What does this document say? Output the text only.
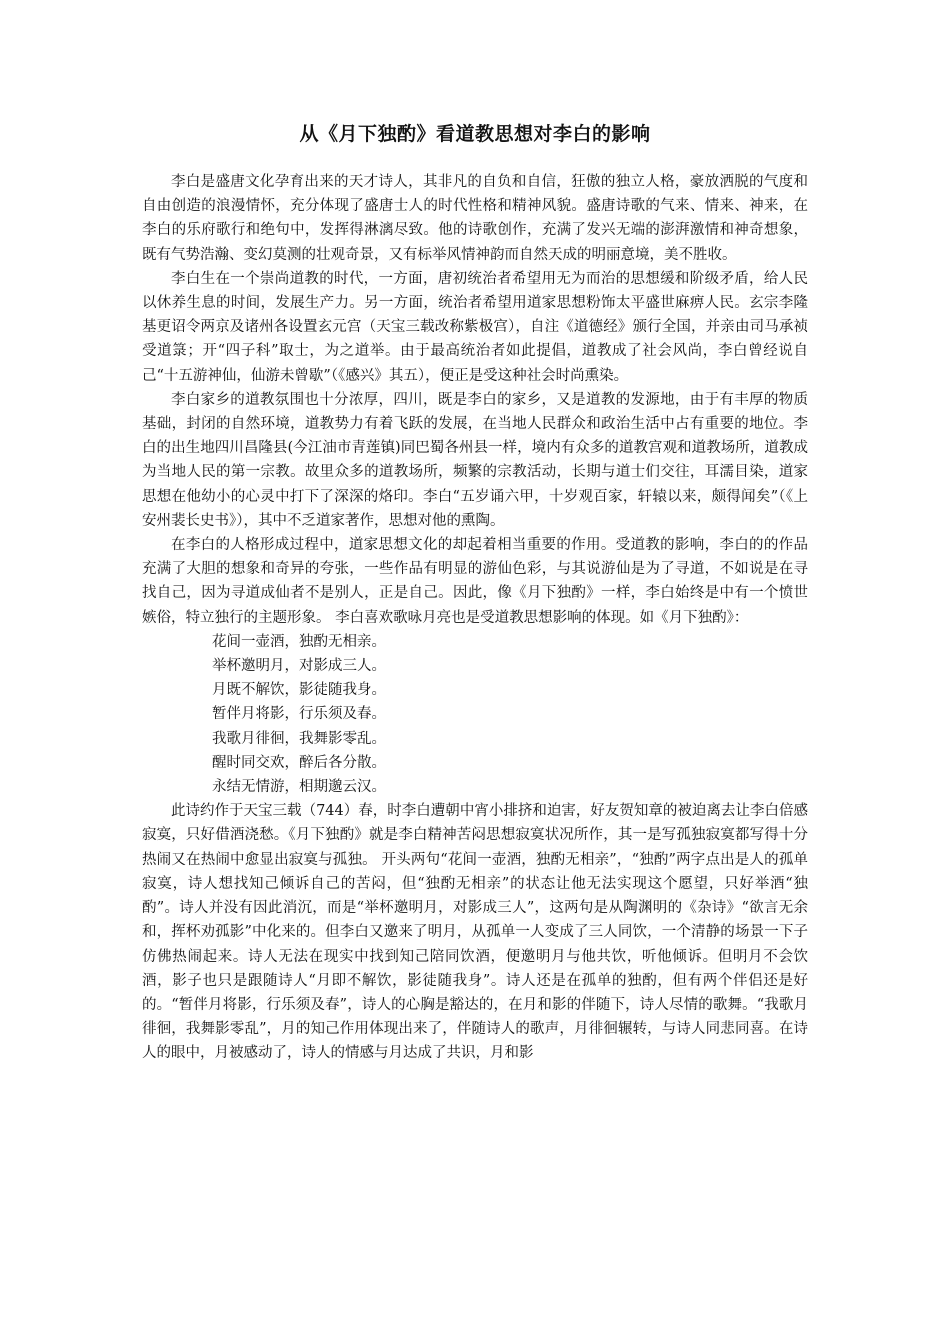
从《月下独酌》看道教思想对李白的影响

李白是盛唐文化孕育出来的天才诗人，其非凡的自负和自信，狂傲的独立人格，豪放洒脱的气度和自由创造的浪漫情怀，充分体现了盛唐士人的时代性格和精神风貌。盛唐诗歌的气来、情来、神来，在李白的乐府歌行和绝句中，发挥得淋漓尽致。他的诗歌创作，充满了发兴无端的澎湃激情和神奇想象，既有气势浩瀚、变幻莫测的壮观奇景，又有标举风情神韵而自然天成的明丽意境，美不胜收。

李白生在一个崇尚道教的时代，一方面，唐初统治者希望用无为而治的思想缓和阶级矛盾，给人民以休养生息的时间，发展生产力。另一方面，统治者希望用道家思想粉饰太平盛世麻痹人民。玄宗李隆基更诏令两京及诸州各设置玄元宫（天宝三载改称紫极宫），自注《道德经》颁行全国，并亲由司马承祯受道箓；开“四子科”取士，为之道举。由于最高统治者如此提倡，道教成了社会风尚，李白曾经说自己“十五游神仙，仙游未曾歇”（《感兴》其五），便正是受这种社会时尚熏染。

李白家乡的道教氛围也十分浓厚，四川，既是李白的家乡，又是道教的发源地，由于有丰厚的物质基础，封闭的自然环境，道教势力有着飞跃的发展，在当地人民群众和政治生活中占有重要的地位。李白的出生地四川昌隆县(今江油市青莲镇)同巴蜀各州县一样，境内有众多的道教宫观和道教场所，道教成为当地人民的第一宗教。故里众多的道教场所，频繁的宗教活动，长期与道士们交往，耳濡目染，道家思想在他幼小的心灵中打下了深深的烙印。李白“五岁诵六甲，十岁观百家，轩辕以来，颇得闻矣”（《上安州裴长史书》），其中不乏道家著作，思想对他的熏陶。

在李白的人格形成过程中，道家思想文化的却起着相当重要的作用。受道教的影响，李白的的作品充满了大胆的想象和奇异的夸张，一些作品有明显的游仙色彩，与其说游仙是为了寻道，不如说是在寻找自己，因为寻道成仙者不是别人，正是自己。因此，像《月下独酌》一样，李白始终是中有一个愤世嫉俗，特立独行的主题形象。 李白喜欢歌咏月亮也是受道教思想影响的体现。如《月下独酌》：

花间一壶酒，独酌无相亲。

举杯邀明月，对影成三人。

月既不解饮，影徒随我身。

暂伴月将影，行乐须及春。

我歌月徘徊，我舞影零乱。

醒时同交欢，醉后各分散。

永结无情游，相期邈云汉。

此诗约作于天宝三载（744）春，时李白遭朝中宵小排挤和迫害，好友贺知章的被迫离去让李白倍感寂寞，只好借酒浇愁。《月下独酌》就是李白精神苦闷思想寂寞状况所作，其一是写孤独寂寞都写得十分热闹又在热闹中愈显出寂寞与孤独。 开头两句“花间一壶酒，独酌无相亲”，“独酌”两字点出是人的孤单寂寞，诗人想找知己倾诉自己的苦闷，但“独酌无相亲”的状态让他无法实现这个愿望，只好举酒“独酌”。诗人并没有因此消沉，而是“举杯邀明月，对影成三人”，这两句是从陶渊明的《杂诗》“欲言无余和，挥杯劝孤影”中化来的。但李白又邀来了明月，从孤单一人变成了三人同饮，一个清静的场景一下子仿佛热闹起来。诗人无法在现实中找到知己陪同饮酒，便邀明月与他共饮，听他倾诉。但明月不会饮酒，影子也只是跟随诗人“月即不解饮，影徒随我身”。诗人还是在孤单的独酌，但有两个伴侣还是好的。“暂伴月将影，行乐须及春”，诗人的心胸是豁达的，在月和影的伴随下，诗人尽情的歌舞。“我歌月徘徊，我舞影零乱”，月的知己作用体现出来了，伴随诗人的歌声，月徘徊辗转，与诗人同悲同喜。在诗人的眼中，月被感动了，诗人的情感与月达成了共识，月和影
